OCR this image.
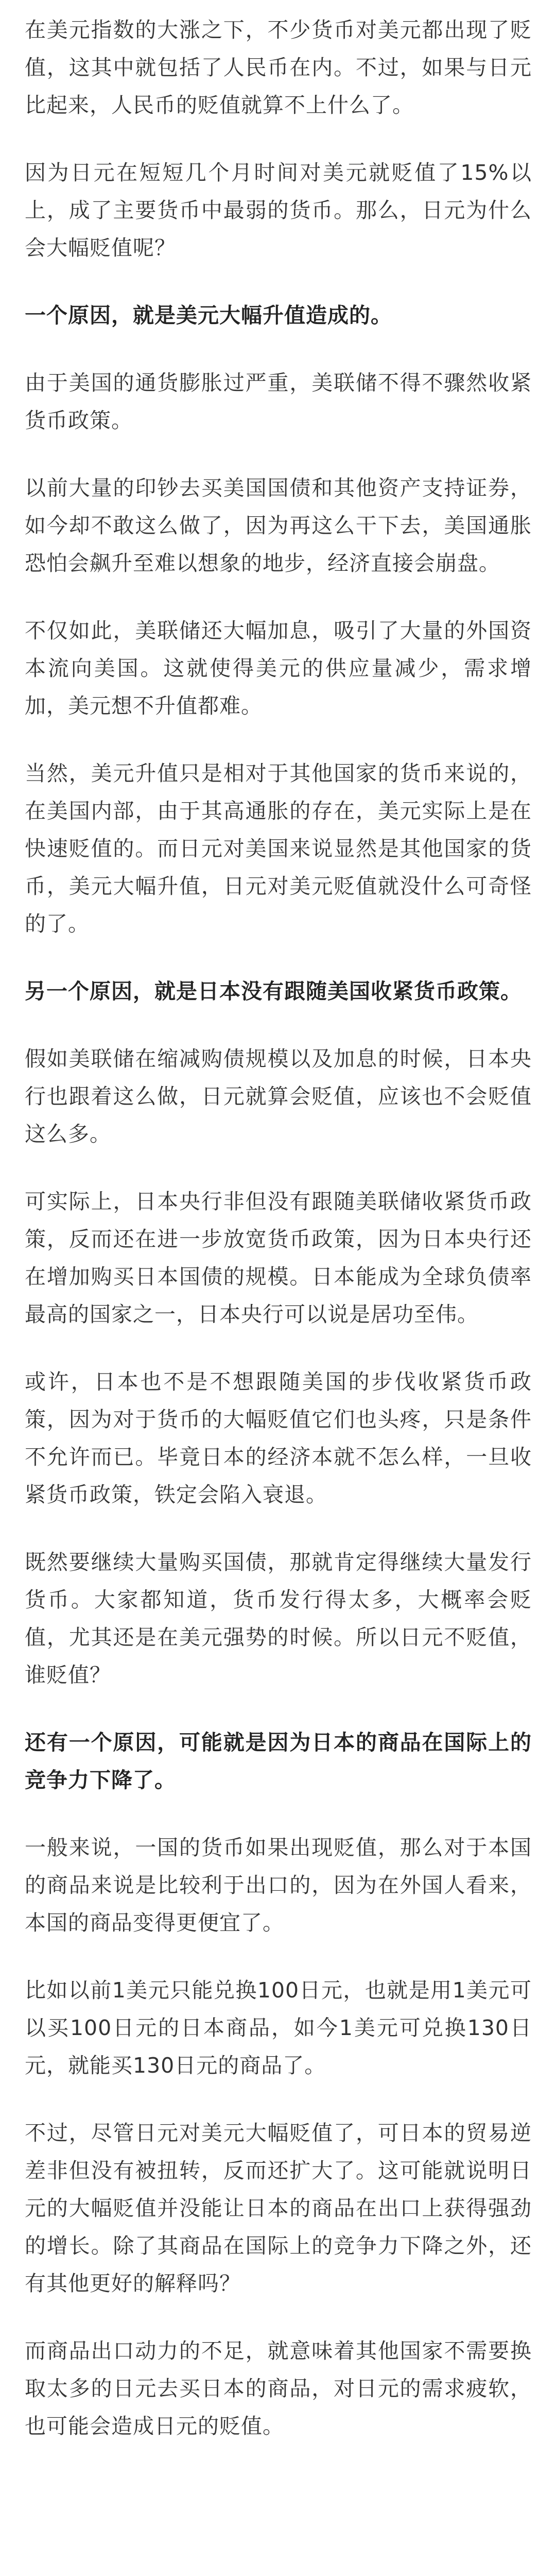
在美元指数的大涨之下，不少货币对美元都出现了贬值，这其中就包括了人民币在内。不过，如果与日元比起来，人民币的贬值就算不上什么了。

因为日元在短短几个月时间对美元就贬值了15%以上，成了主要货币中最弱的货币。那么，日元为什么会大幅贬值呢？

一个原因，就是美元大幅升值造成的。

由于美国的通货膨胀过严重，美联储不得不骤然收紧货币政策。

以前大量的印钞去买美国国债和其他资产支持证券，如今却不敢这么做了，因为再这么干下去，美国通胀恐怕会飙升至难以想象的地步，经济直接会崩盘。

不仅如此，美联储还大幅加息，吸引了大量的外国资本流向美国。这就使得美元的供应量减少，需求增加，美元想不升值都难。

当然，美元升值只是相对于其他国家的货币来说的，在美国内部，由于其高通胀的存在，美元实际上是在快速贬值的。而日元对美国来说显然是其他国家的货币，美元大幅升值，日元对美元贬值就没什么可奇怪的了。

另一个原因，就是日本没有跟随美国收紧货币政策。

假如美联储在缩减购债规模以及加息的时候，日本央行也跟着这么做，日元就算会贬值，应该也不会贬值这么多。

可实际上，日本央行非但没有跟随美联储收紧货币政策，反而还在进一步放宽货币政策，因为日本央行还在增加购买日本国债的规模。日本能成为全球负债率最高的国家之一，日本央行可以说是居功至伟。

或许，日本也不是不想跟随美国的步伐收紧货币政策，因为对于货币的大幅贬值它们也头疼，只是条件不允许而已。毕竟日本的经济本就不怎么样，一旦收紧货币政策，铁定会陷入衰退。

既然要继续大量购买国债，那就肯定得继续大量发行货币。大家都知道，货币发行得太多，大概率会贬值，尤其还是在美元强势的时候。所以日元不贬值，谁贬值？

还有一个原因，可能就是因为日本的商品在国际上的竞争力下降了。

一般来说，一国的货币如果出现贬值，那么对于本国的商品来说是比较利于出口的，因为在外国人看来，本国的商品变得更便宜了。

比如以前1美元只能兑换100日元，也就是用1美元可以买100日元的日本商品，如今1美元可兑换130日元，就能买130日元的商品了。

不过，尽管日元对美元大幅贬值了，可日本的贸易逆差非但没有被扭转，反而还扩大了。这可能就说明日元的大幅贬值并没能让日本的商品在出口上获得强劲的增长。除了其商品在国际上的竞争力下降之外，还有其他更好的解释吗？

而商品出口动力的不足，就意味着其他国家不需要换取太多的日元去买日本的商品，对日元的需求疲软，也可能会造成日元的贬值。
